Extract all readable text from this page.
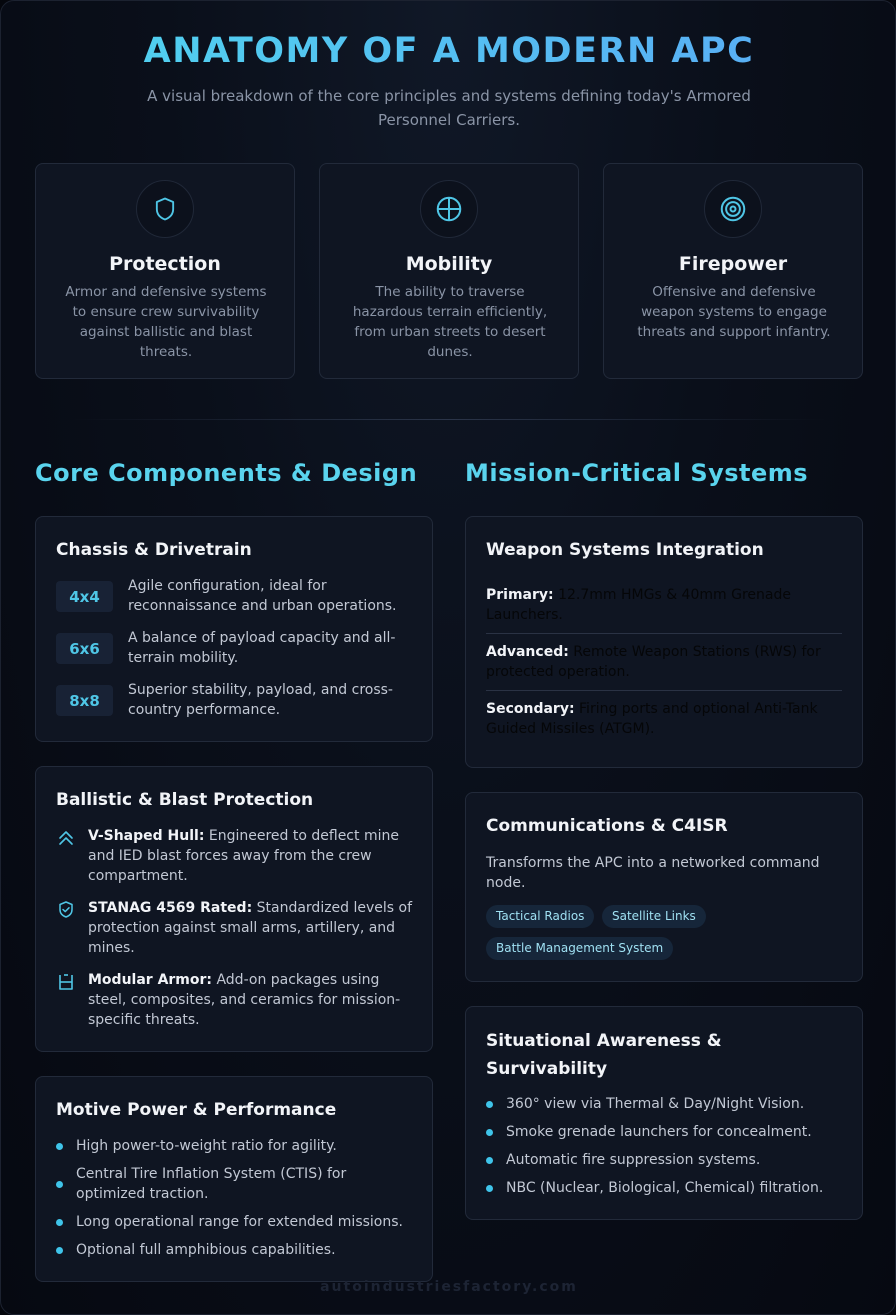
ANATOMY OF A MODERN APC
A visual breakdown of the core principles and systems defining today's Armored Personnel Carriers.
Protection
Armor and defensive systems to ensure crew survivability against ballistic and blast threats.
Mobility
The ability to traverse hazardous terrain efficiently, from urban streets to desert dunes.
Firepower
Offensive and defensive weapon systems to engage threats and support infantry.
Core Components & Design Mission-Critical Systems
Chassis & Drivetrain
4x4
Agile configuration, ideal for reconnaissance and urban operations.
6x6
A balance of payload capacity and all-terrain mobility.
8x8
Superior stability, payload, and cross-country performance.
Ballistic & Blast Protection
V-Shaped Hull: Engineered to deflect mine and IED blast forces away from the crew compartment.
STANAG 4569 Rated: Standardized levels of protection against small arms, artillery, and mines.
Modular Armor: Add-on packages using steel, composites, and ceramics for mission-specific threats.
Motive Power & Performance
High power-to-weight ratio for agility.
Central Tire Inflation System (CTIS) for optimized traction.
Long operational range for extended missions.
Optional full amphibious capabilities.
Weapon Systems Integration
Primary: 12.7mm HMGs & 40mm Grenade Launchers.
Advanced: Remote Weapon Stations (RWS) for protected operation.
Secondary: Firing ports and optional Anti-Tank Guided Missiles (ATGM).
Communications & C4ISR
Transforms the APC into a networked command node.
Tactical Radios	Satellite Links
Battle Management System
Situational Awareness & Survivability
360° view via Thermal & Day/Night Vision.
Smoke grenade launchers for concealment.
Automatic fire suppression systems.
NBC (Nuclear, Biological, Chemical) filtration.
autoindustriesfactory.com
